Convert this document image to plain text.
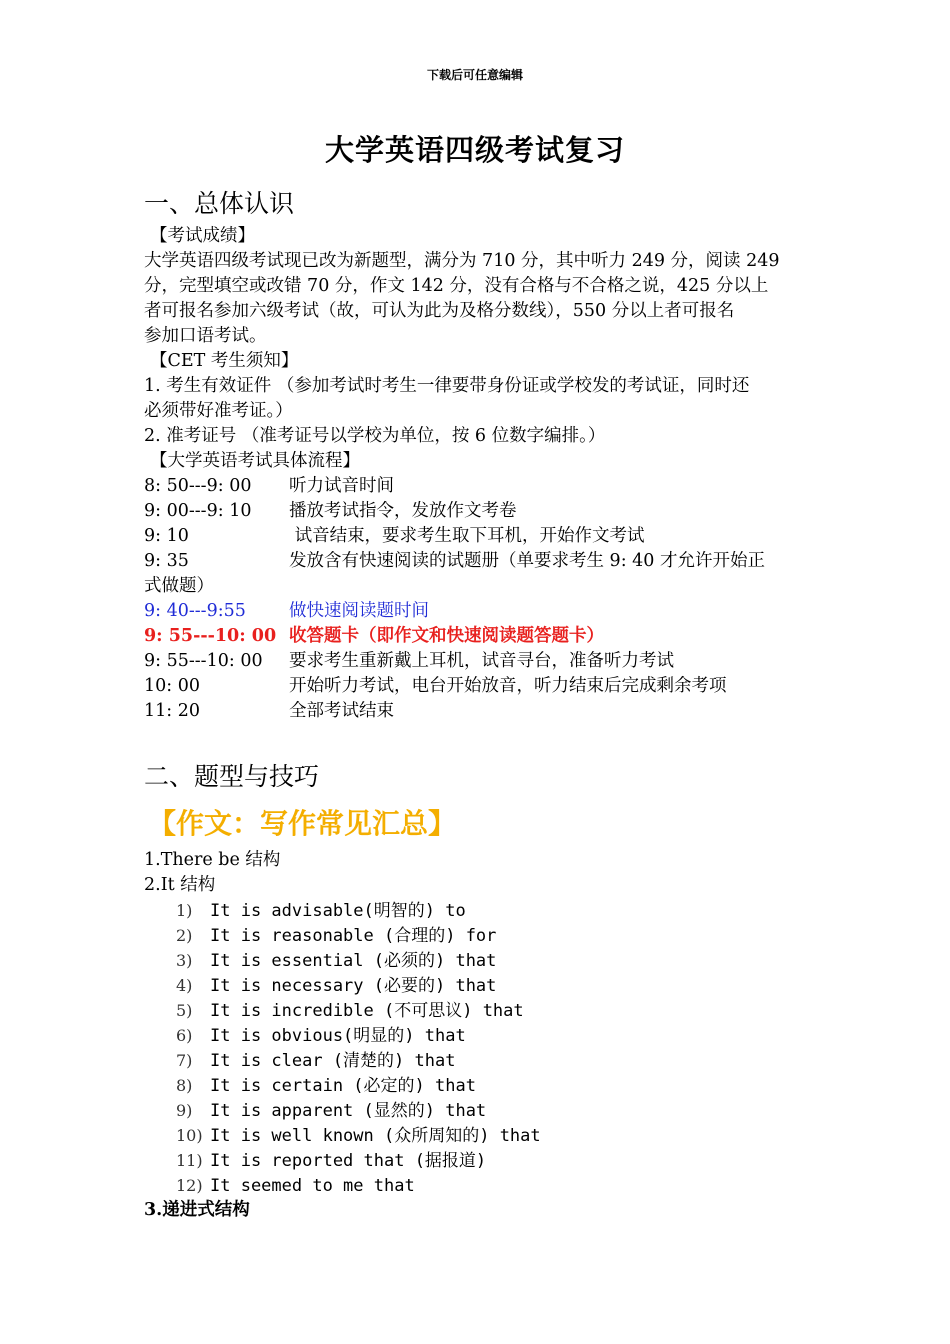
下载后可任意编辑
大学英语四级考试复习
一、总体认识
【考试成绩】
大学英语四级考试现已改为新题型，满分为 710 分，其中听力 249 分，阅读 249
分，完型填空或改错 70 分，作文 142 分，没有合格与不合格之说，425 分以上
者可报名参加六级考试（故，可认为此为及格分数线），550 分以上者可报名
参加口语考试。
【CET 考生须知】
1. 考生有效证件 （参加考试时考生一律要带身份证或学校发的考试证，同时还
必须带好准考证。）
2. 准考证号 （准考证号以学校为单位，按 6 位数字编排。）
【大学英语考试具体流程】
8: 50---9: 00 听力试音时间
9: 00---9: 10 播放考试指令，发放作文考卷
9: 10	试音结束，要求考生取下耳机，开始作文考试
9: 35	发放含有快速阅读的试题册（单要求考生 9: 40 才允许开始正
式做题）
9: 40---9:55 做快速阅读题时间
9: 55---10: 00 收答题卡（即作文和快速阅读题答题卡）
9: 55---10: 00 要求考生重新戴上耳机，试音寻台，准备听力考试
10: 00	开始听力考试，电台开始放音，听力结束后完成剩余考项
11: 20	全部考试结束
二、题型与技巧
【作文：写作常见汇总】
1.There be 结构
2.It 结构
1) It is advisable(明智的) to
2) It is reasonable (合理的) for
3) It is essential (必须的) that
4) It is necessary (必要的) that
5) It is incredible (不可思议) that
6) It is obvious(明显的) that
7) It is clear (清楚的) that
8) It is certain (必定的) that
9) It is apparent (显然的) that
10) It is well known (众所周知的) that
11) It is reported that (据报道)
12) It seemed to me that
3.递进式结构
